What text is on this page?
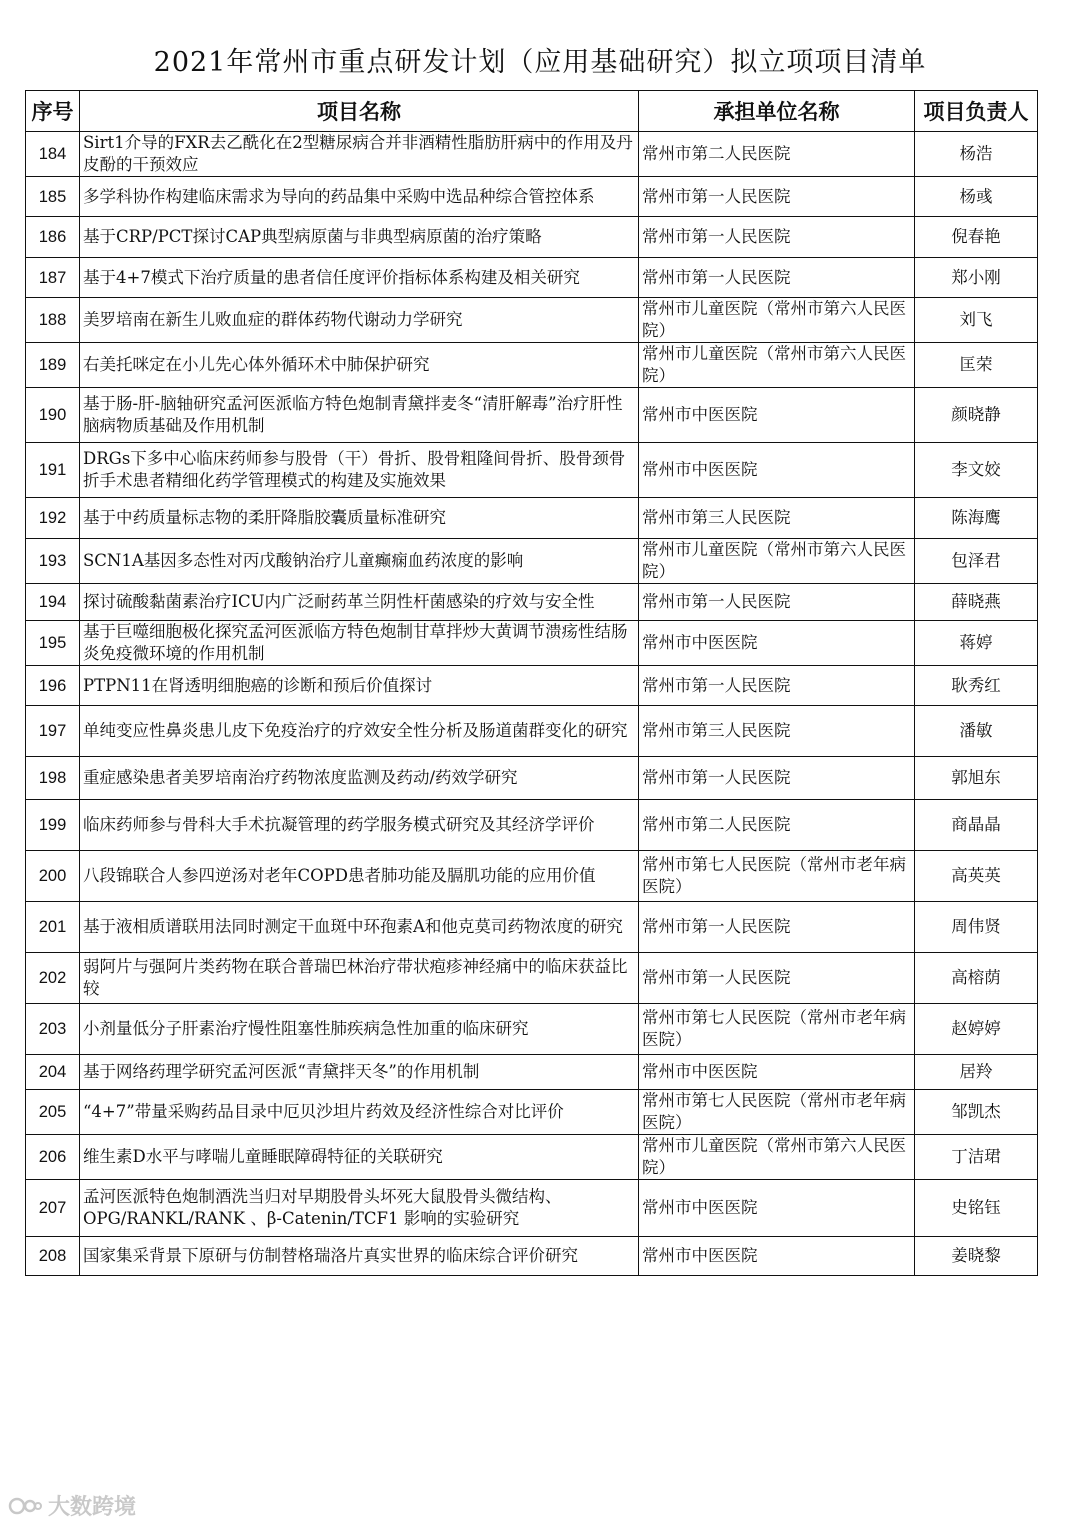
2021年常州市重点研发计划（应用基础研究）拟立项项目清单
序号	项目名称	承担单位名称	项目负责人

184	Sirt1介导的FXR去乙酰化在2型糖尿病合并非酒精性脂肪肝病中的作用及丹皮酚的干预效应	常州市第二人民医院	杨浩

185	多学科协作构建临床需求为导向的药品集中采购中选品种综合管控体系	常州市第一人民医院	杨彧

186	基于CRP/PCT探讨CAP典型病原菌与非典型病原菌的治疗策略	常州市第一人民医院	倪春艳

187	基于4+7模式下治疗质量的患者信任度评价指标体系构建及相关研究	常州市第一人民医院	郑小刚

188	美罗培南在新生儿败血症的群体药物代谢动力学研究	常州市儿童医院（常州市第六人民医院）	刘飞

189	右美托咪定在小儿先心体外循环术中肺保护研究	常州市儿童医院（常州市第六人民医院）	匡荣

190	基于肠-肝-脑轴研究孟河医派临方特色炮制青黛拌麦冬“清肝解毒”治疗肝性脑病物质基础及作用机制	常州市中医医院	颜晓静

191	DRGs下多中心临床药师参与股骨（干）骨折、股骨粗隆间骨折、股骨颈骨折手术患者精细化药学管理模式的构建及实施效果	常州市中医医院	李文姣

192	基于中药质量标志物的柔肝降脂胶囊质量标准研究	常州市第三人民医院	陈海鹰

193	SCN1A基因多态性对丙戊酸钠治疗儿童癫痫血药浓度的影响	常州市儿童医院（常州市第六人民医院）	包泽君

194	探讨硫酸黏菌素治疗ICU内广泛耐药革兰阴性杆菌感染的疗效与安全性	常州市第一人民医院	薛晓燕

195	基于巨噬细胞极化探究孟河医派临方特色炮制甘草拌炒大黄调节溃疡性结肠炎免疫微环境的作用机制	常州市中医医院	蒋婷

196	PTPN11在肾透明细胞癌的诊断和预后价值探讨	常州市第一人民医院	耿秀红

197	单纯变应性鼻炎患儿皮下免疫治疗的疗效安全性分析及肠道菌群变化的研究	常州市第三人民医院	潘敏

198	重症感染患者美罗培南治疗药物浓度监测及药动/药效学研究	常州市第一人民医院	郭旭东

199	临床药师参与骨科大手术抗凝管理的药学服务模式研究及其经济学评价	常州市第二人民医院	商晶晶

200	八段锦联合人参四逆汤对老年COPD患者肺功能及膈肌功能的应用价值	常州市第七人民医院（常州市老年病医院）	高英英

201	基于液相质谱联用法同时测定干血斑中环孢素A和他克莫司药物浓度的研究	常州市第一人民医院	周伟贤

202	弱阿片与强阿片类药物在联合普瑞巴林治疗带状疱疹神经痛中的临床获益比较	常州市第一人民医院	高榕荫

203	小剂量低分子肝素治疗慢性阻塞性肺疾病急性加重的临床研究	常州市第七人民医院（常州市老年病医院）	赵婷婷

204	基于网络药理学研究孟河医派“青黛拌天冬”的作用机制	常州市中医医院	居羚

205	“4+7”带量采购药品目录中厄贝沙坦片药效及经济性综合对比评价	常州市第七人民医院（常州市老年病医院）	邹凯杰

206	维生素D水平与哮喘儿童睡眠障碍特征的关联研究	常州市儿童医院（常州市第六人民医院）	丁洁珺

207	孟河医派特色炮制酒洗当归对早期股骨头坏死大鼠股骨头微结构、OPG/RANKL/RANK 、β-Catenin/TCF1 影响的实验研究	常州市中医医院	史铭钰

208	国家集采背景下原研与仿制替格瑞洛片真实世界的临床综合评价研究	常州市中医医院	姜晓黎
大数跨境
